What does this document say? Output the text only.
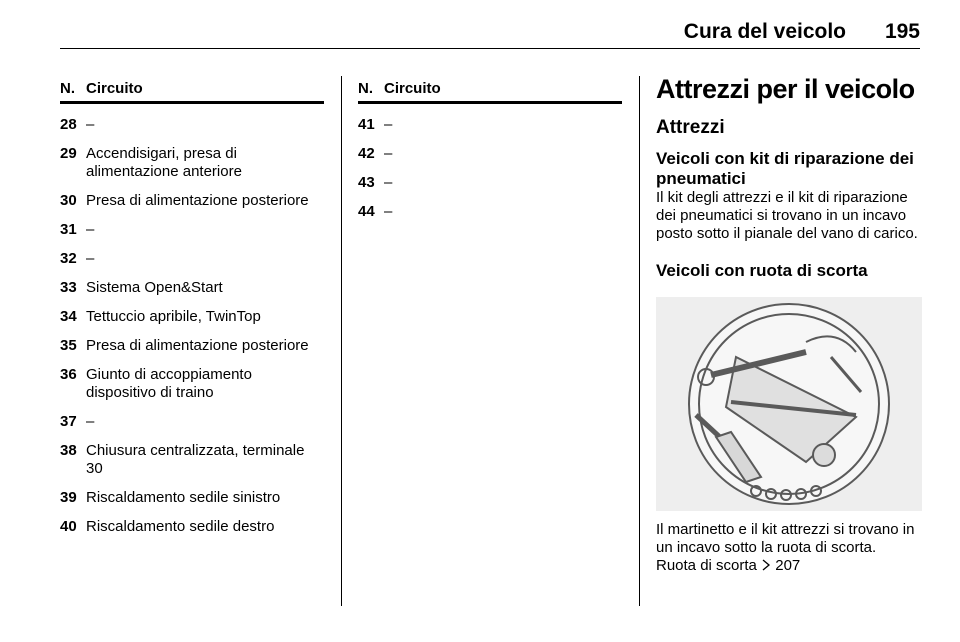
Cura del veicolo 195
N. Circuito
28 –
29 Accendisigari, presa di alimentazione anteriore
30 Presa di alimentazione posteriore
31 –
32 –
33 Sistema Open&Start
34 Tettuccio apribile, TwinTop
35 Presa di alimentazione posteriore
36 Giunto di accoppiamento dispositivo di traino
37 –
38 Chiusura centralizzata, terminale 30
39 Riscaldamento sedile sinistro
40 Riscaldamento sedile destro
N. Circuito
41 –
42 –
43 –
44 –
Attrezzi per il veicolo
Attrezzi
Veicoli con kit di riparazione dei pneumatici

Il kit degli attrezzi e il kit di riparazione dei pneumatici si trovano in un incavo posto sotto il pianale del vano di carico.

Veicoli con ruota di scorta

Il martinetto e il kit attrezzi si trovano in un incavo sotto la ruota di scorta.

Ruota di scorta 207
